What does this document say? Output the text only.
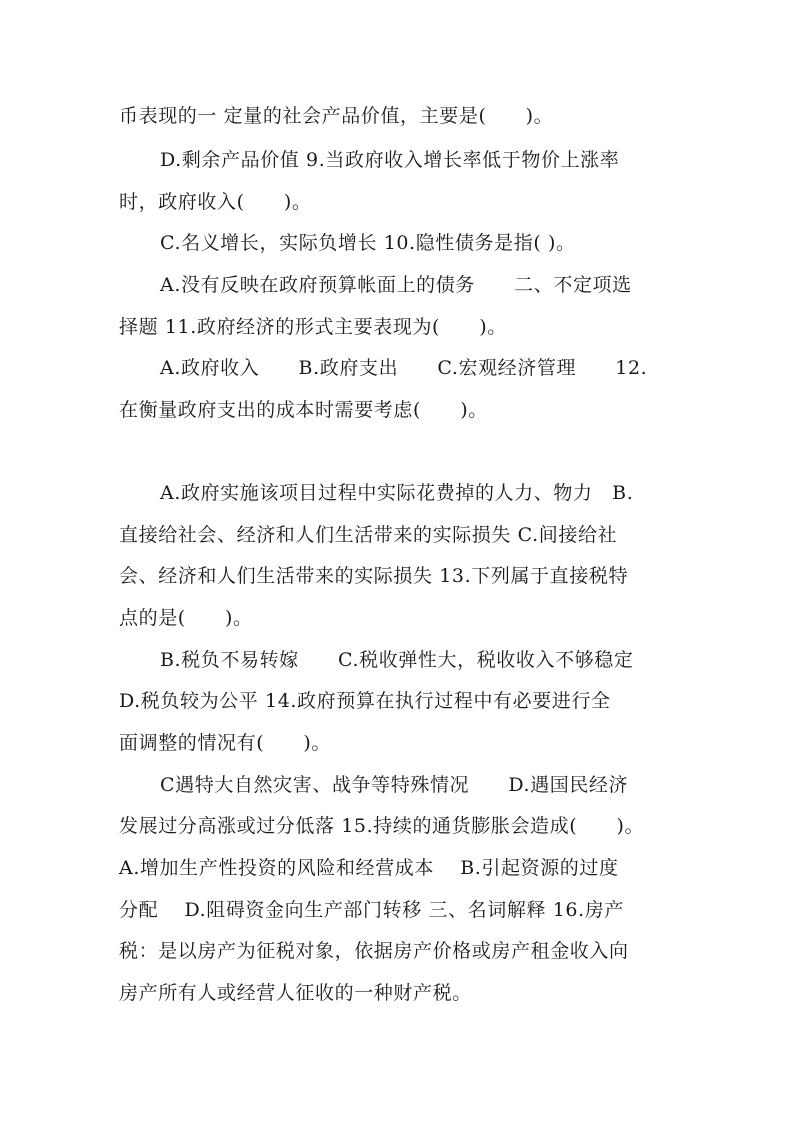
币表现的一 定量的社会产品价值，主要是(　　)。
D.剩余产品价值 9.当政府收入增长率低于物价上涨率
时，政府收入(　　)。
C.名义增长，实际负增长 10.隐性债务是指( )。
A.没有反映在政府预算帐面上的债务　　二、不定项选
择题 11.政府经济的形式主要表现为(　　)。
A.政府收入　　B.政府支出　　C.宏观经济管理　　12.
在衡量政府支出的成本时需要考虑(　　)。
A.政府实施该项目过程中实际花费掉的人力、物力　B.
直接给社会、经济和人们生活带来的实际损失 C.间接给社
会、经济和人们生活带来的实际损失 13.下列属于直接税特
点的是(　　)。
B.税负不易转嫁　　C.税收弹性大，税收收入不够稳定
D.税负较为公平 14.政府预算在执行过程中有必要进行全
面调整的情况有(　　)。
C遇特大自然灾害、战争等特殊情况　　D.遇国民经济
发展过分高涨或过分低落 15.持续的通货膨胀会造成(　　)。
A.增加生产性投资的风险和经营成本　 B.引起资源的过度
分配　 D.阻碍资金向生产部门转移 三、名词解释 16.房产
税：是以房产为征税对象，依据房产价格或房产租金收入向
房产所有人或经营人征收的一种财产税。
